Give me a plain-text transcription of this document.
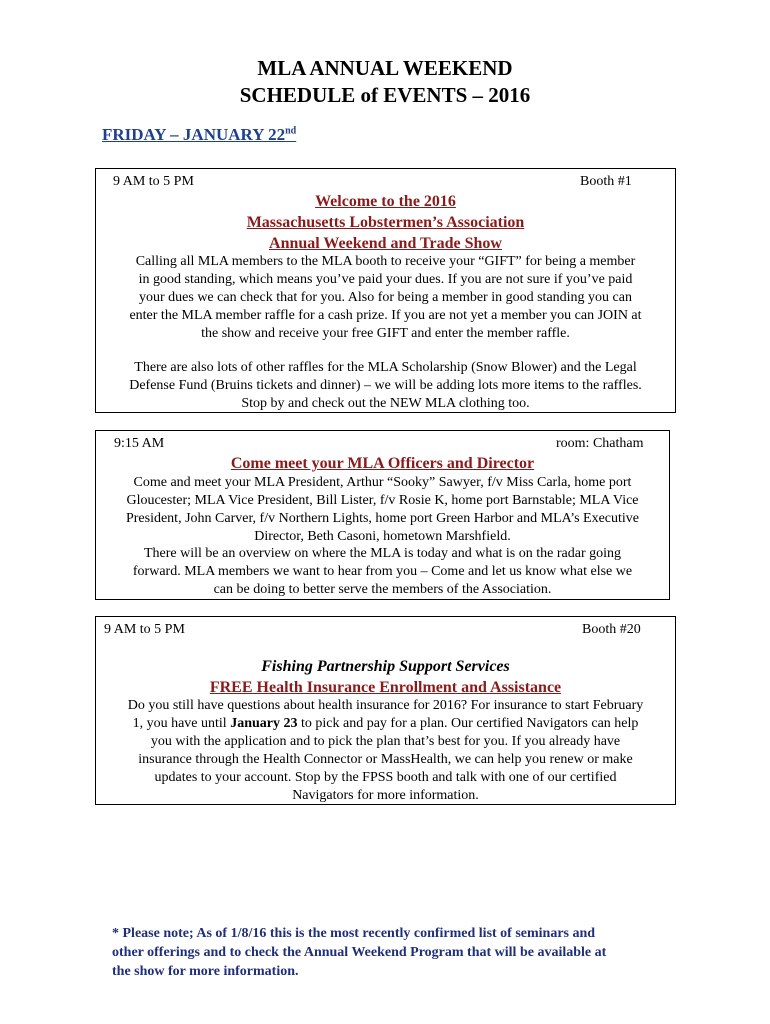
MLA ANNUAL WEEKEND
SCHEDULE of EVENTS – 2016
FRIDAY – JANUARY 22nd
9 AM to 5 PM	Booth #1
Welcome to the 2016
Massachusetts Lobstermen’s Association
Annual Weekend and Trade Show
Calling all MLA members to the MLA booth to receive your “GIFT” for being a member
in good standing, which means you’ve paid your dues. If you are not sure if you’ve paid
your dues we can check that for you. Also for being a member in good standing you can
enter the MLA member raffle for a cash prize. If you are not yet a member you can JOIN at
the show and receive your free GIFT and enter the member raffle.
There are also lots of other raffles for the MLA Scholarship (Snow Blower) and the Legal
Defense Fund (Bruins tickets and dinner) – we will be adding lots more items to the raffles.
Stop by and check out the NEW MLA clothing too.
9:15 AM	room: Chatham
Come meet your MLA Officers and Director
Come and meet your MLA President, Arthur “Sooky” Sawyer, f/v Miss Carla, home port
Gloucester; MLA Vice President, Bill Lister, f/v Rosie K, home port Barnstable; MLA Vice
President, John Carver, f/v Northern Lights, home port Green Harbor and MLA’s Executive
Director, Beth Casoni, hometown Marshfield.
There will be an overview on where the MLA is today and what is on the radar going
forward. MLA members we want to hear from you – Come and let us know what else we
can be doing to better serve the members of the Association.
9 AM to 5 PM	Booth #20
Fishing Partnership Support Services
FREE Health Insurance Enrollment and Assistance
Do you still have questions about health insurance for 2016? For insurance to start February
1, you have until January 23 to pick and pay for a plan. Our certified Navigators can help
you with the application and to pick the plan that’s best for you. If you already have
insurance through the Health Connector or MassHealth, we can help you renew or make
updates to your account. Stop by the FPSS booth and talk with one of our certified
Navigators for more information.
* Please note; As of 1/8/16 this is the most recently confirmed list of seminars and
other offerings and to check the Annual Weekend Program that will be available at
the show for more information.
